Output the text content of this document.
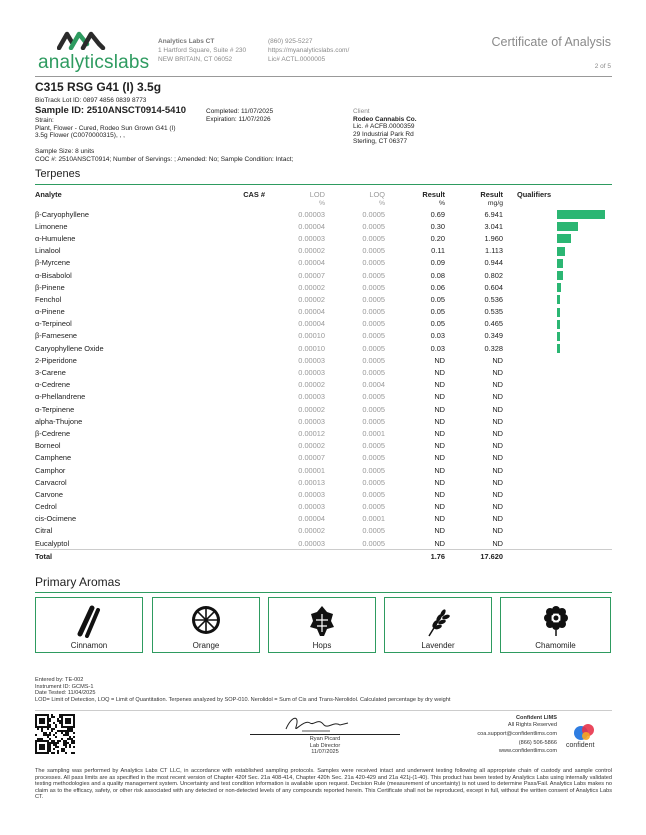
analyticslabs
Analytics Labs CT
1 Hartford Square, Suite # 230
NEW BRITAIN, CT 06052
(860) 925-5227
https://myanalyticslabs.com/
Lic# ACTL.0000005
Certificate of Analysis
2 of 5
C315 RSG G41 (I) 3.5g
BioTrack Lot ID: 0897 4856 0839 8773
Sample ID: 2510ANSCT0914-5410
Strain:
Plant, Flower - Cured, Rodeo Sun Grown G41 (I)
3.5g Flower (C0070000315), , ,
Completed: 11/07/2025
Expiration: 11/07/2026
Client
Rodeo Cannabis Co.
Lic. # ACFB.0000359
29 Industrial Park Rd
Sterling, CT 06377
Sample Size: 8 units
COC #: 2510ANSCT0914; Number of Servings: ; Amended: No; Sample Condition: Intact;
Terpenes
Analyte	CAS #	LOD	LOQ	Result	Result	Qualifiers
		%	%	%	mg/g	
β-Caryophyllene		0.00003	0.0005	0.69	6.941	

Limonene		0.00004	0.0005	0.30	3.041	

α-Humulene		0.00003	0.0005	0.20	1.960	

Linalool		0.00002	0.0005	0.11	1.113	

β-Myrcene		0.00004	0.0005	0.09	0.944	

α-Bisabolol		0.00007	0.0005	0.08	0.802	

β-Pinene		0.00002	0.0005	0.06	0.604	

Fenchol		0.00002	0.0005	0.05	0.536	

α-Pinene		0.00004	0.0005	0.05	0.535	

α-Terpineol		0.00004	0.0005	0.05	0.465	

β-Farnesene		0.00010	0.0005	0.03	0.349	

Caryophyllene Oxide		0.00010	0.0005	0.03	0.328	

2-Piperidone		0.00003	0.0005	ND	ND	
3-Carene		0.00003	0.0005	ND	ND	
α-Cedrene		0.00002	0.0004	ND	ND	
α-Phellandrene		0.00003	0.0005	ND	ND	
α-Terpinene		0.00002	0.0005	ND	ND	
alpha-Thujone		0.00003	0.0005	ND	ND	
β-Cedrene		0.00012	0.0001	ND	ND	
Borneol		0.00002	0.0005	ND	ND	
Camphene		0.00007	0.0005	ND	ND	
Camphor		0.00001	0.0005	ND	ND	
Carvacrol		0.00013	0.0005	ND	ND	
Carvone		0.00003	0.0005	ND	ND	
Cedrol		0.00003	0.0005	ND	ND	
cis-Ocimene		0.00004	0.0001	ND	ND	
Citral		0.00002	0.0005	ND	ND	
Eucalyptol		0.00003	0.0005	ND	ND	
Total				1.76	17.620	
Primary Aromas
Cinnamon	Orange	Hops	Lavender	Chamomile
Entered by: TE-002
Instrument ID: GCMS-1
Date Tested: 11/04/2025
LOD= Limit of Detection, LOQ = Limit of Quantitation. Terpenes analyzed by SOP-010. Nerolidol = Sum of Cis and Trans-Nerolidol. Calculated percentage by dry weight
Ryan Picard
Lab Director
11/07/2025
Confident LIMS
All Rights Reserved
coa.support@confidentlims.com
(866) 506-5866
www.confidentlims.com
confident
The sampling was performed by Analytics Labs CT LLC, in accordance with established sampling protocols. Samples were received intact and underwent testing following all appropriate chain of custody and sample control processes. All pass limits are as specified in the most recent version of Chapter 420f Sec. 21a 408-414, Chapter 420h Sec. 21a 420-429 and 21a 421j-(1-40). This product has been tested by Analytics Labs using internally validated testing methodologies and a quality management system. Uncertainty and test condition information is available upon request. Decision Rule (measurement of uncertainty) is not used to determine Pass/Fail. Analytics Labs makes no claim as to the efficacy, safety, or other risk associated with any detected or non-detected levels of any compounds reported herein. This Certificate shall not be reproduced, except in full, without the written consent of Analytics Labs CT.
